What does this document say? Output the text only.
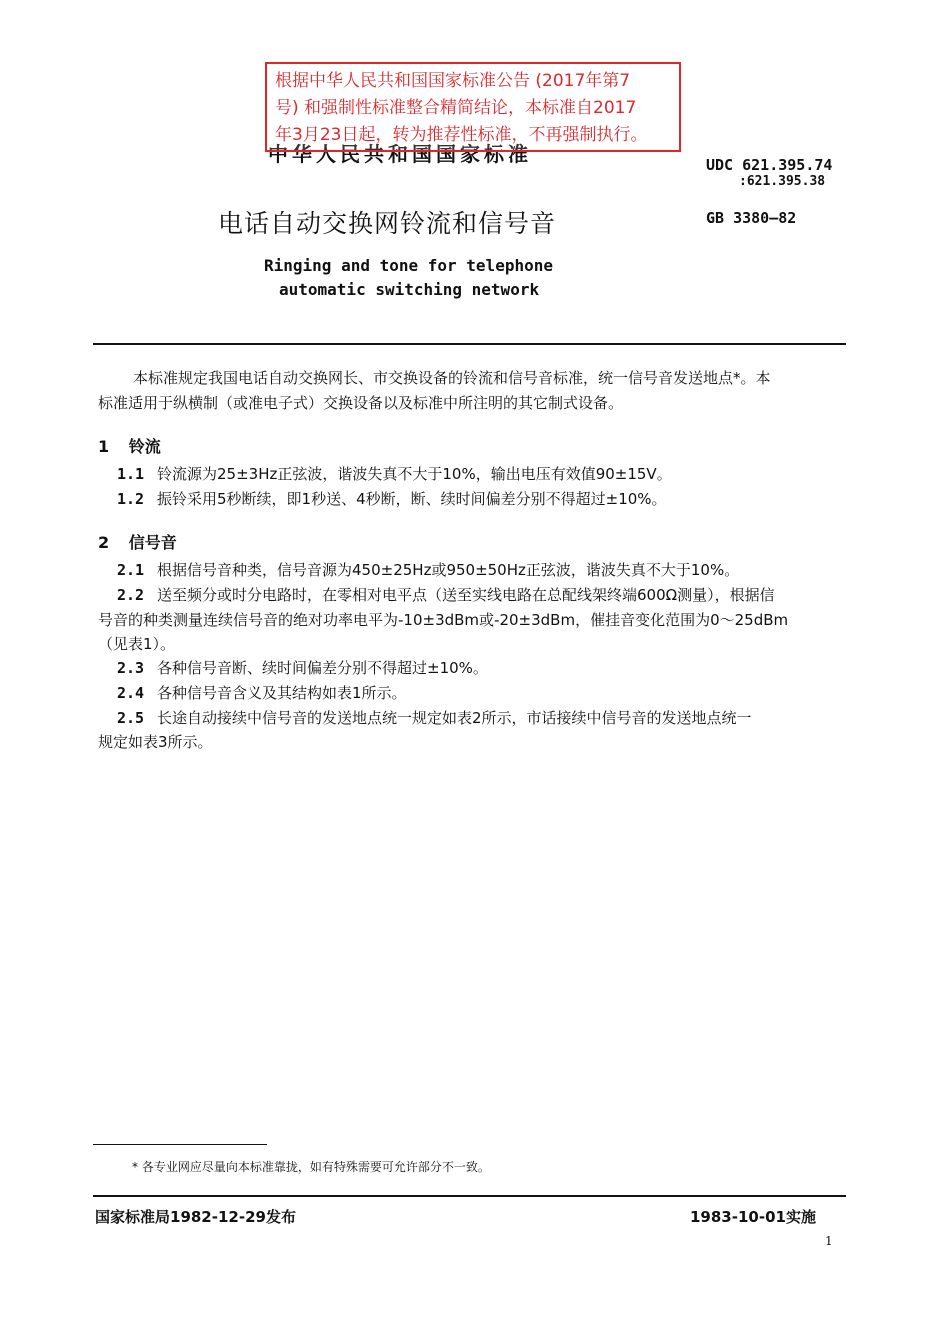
根据中华人民共和国国家标准公告 (2017年第7
号) 和强制性标准整合精简结论，本标准自2017
年3月23日起，转为推荐性标准，不再强制执行。
中华人民共和国国家标准	UDC 621.395.74
:621.395.38
电话自动交换网铃流和信号音	GB 3380—82
Ringing and tone for telephone
automatic switching network
本标准规定我国电话自动交换网长、市交换设备的铃流和信号音标准，统一信号音发送地点*。本
标准适用于纵横制（或准电子式）交换设备以及标准中所注明的其它制式设备。
1 铃流
1.1 铃流源为25±3Hz正弦波，谐波失真不大于10%，输出电压有效值90±15V。
1.2 振铃采用5秒断续，即1秒送、4秒断，断、续时间偏差分别不得超过±10%。
2 信号音
2.1 根据信号音种类，信号音源为450±25Hz或950±50Hz正弦波，谐波失真不大于10%。
2.2 送至频分或时分电路时，在零相对电平点（送至实线电路在总配线架终端600Ω测量），根据信
号音的种类测量连续信号音的绝对功率电平为-10±3dBm或-20±3dBm，催挂音变化范围为0～25dBm
（见表1）。
2.3 各种信号音断、续时间偏差分别不得超过±10%。
2.4 各种信号音含义及其结构如表1所示。
2.5 长途自动接续中信号音的发送地点统一规定如表2所示，市话接续中信号音的发送地点统一
规定如表3所示。
* 各专业网应尽量向本标准靠拢，如有特殊需要可允许部分不一致。
国家标准局1982-12-29发布	1983-10-01实施
1
